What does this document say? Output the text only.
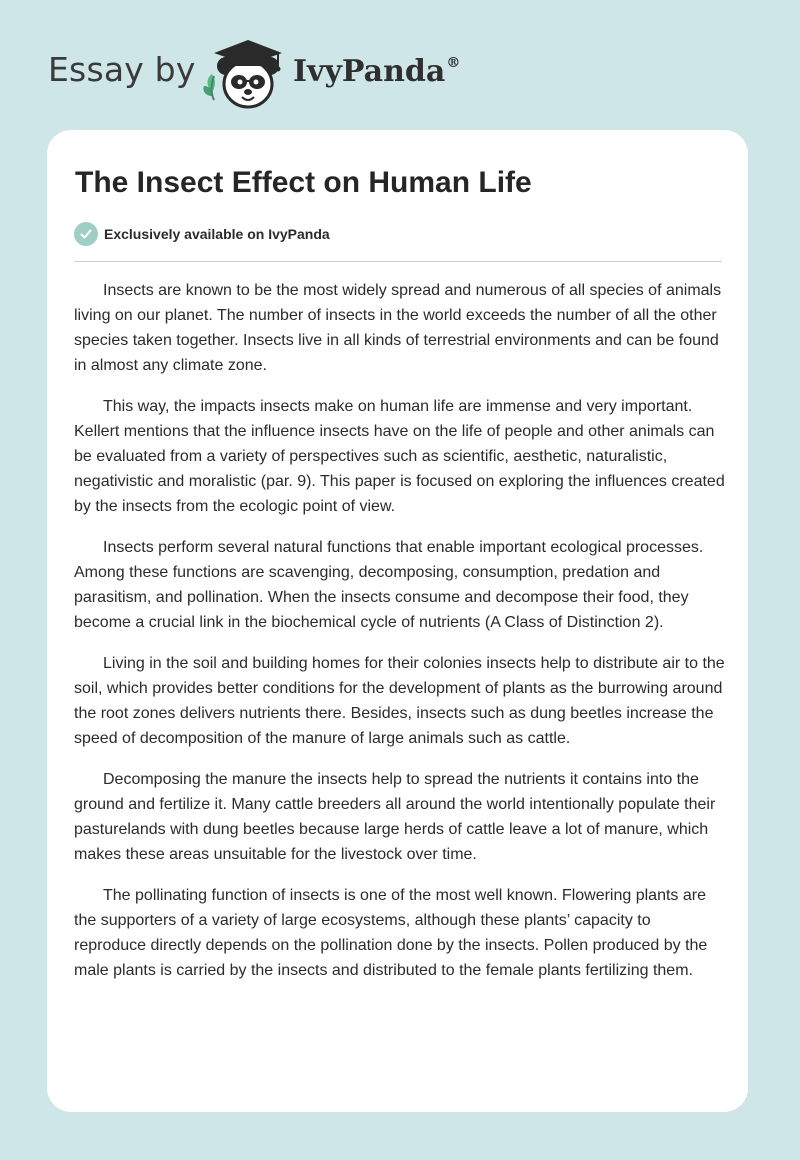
Essay by	IvyPanda®
The Insect Effect on Human Life
Exclusively available on IvyPanda

Insects are known to be the most widely spread and numerous of all species of animals living on our planet. The number of insects in the world exceeds the number of all the other species taken together. Insects live in all kinds of terrestrial environments and can be found in almost any climate zone.

This way, the impacts insects make on human life are immense and very important. Kellert mentions that the influence insects have on the life of people and other animals can be evaluated from a variety of perspectives such as scientific, aesthetic, naturalistic, negativistic and moralistic (par. 9). This paper is focused on exploring the influences created by the insects from the ecologic point of view.

Insects perform several natural functions that enable important ecological processes. Among these functions are scavenging, decomposing, consumption, predation and parasitism, and pollination. When the insects consume and decompose their food, they become a crucial link in the biochemical cycle of nutrients (A Class of Distinction 2).

Living in the soil and building homes for their colonies insects help to distribute air to the soil, which provides better conditions for the development of plants as the burrowing around the root zones delivers nutrients there. Besides, insects such as dung beetles increase the speed of decomposition of the manure of large animals such as cattle.

Decomposing the manure the insects help to spread the nutrients it contains into the ground and fertilize it. Many cattle breeders all around the world intentionally populate their pasturelands with dung beetles because large herds of cattle leave a lot of manure, which makes these areas unsuitable for the livestock over time.

The pollinating function of insects is one of the most well known. Flowering plants are the supporters of a variety of large ecosystems, although these plants’ capacity to reproduce directly depends on the pollination done by the insects. Pollen produced by the male plants is carried by the insects and distributed to the female plants fertilizing them.
